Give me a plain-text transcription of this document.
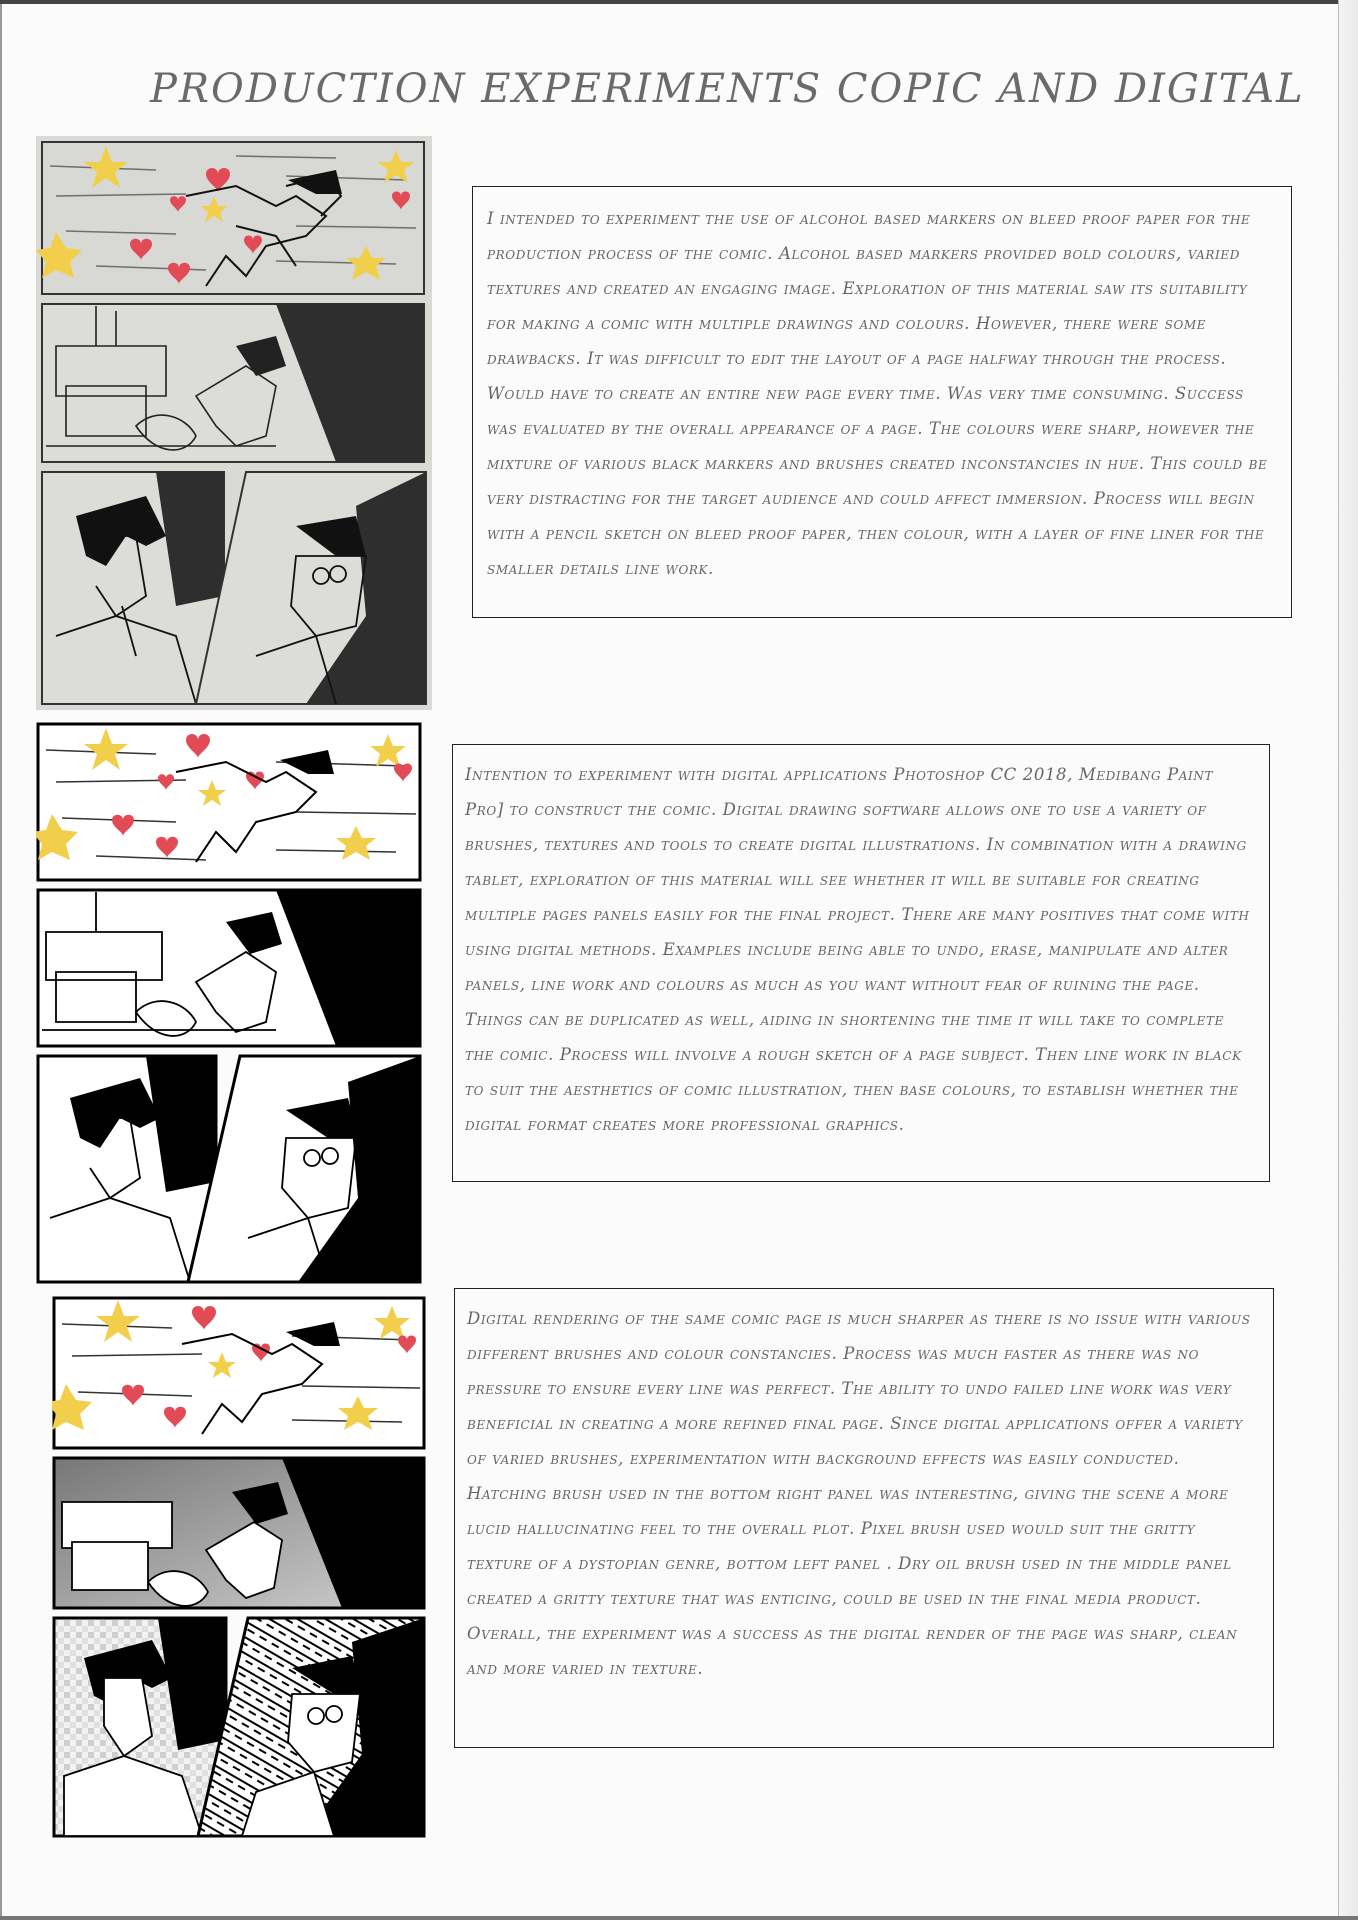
PRODUCTION EXPERIMENTS COPIC AND DIGITAL

I intended to experiment the use of alcohol based markers on bleed proof paper for the production process of the comic. Alcohol based markers provided bold colours, varied textures and created an engaging image. Exploration of this material saw its suitability for making a comic with multiple drawings and colours. However, there were some drawbacks. It was difficult to edit the layout of a page halfway through the process. Would have to create an entire new page every time. Was very time consuming. Success was evaluated by the overall appearance of a page. The colours were sharp, however the mixture of various black markers and brushes created inconstancies in hue. This could be very distracting for the target audience and could affect immersion. Process will begin with a pencil sketch on bleed proof paper, then colour, with a layer of fine liner for the smaller details line work.

Intention to experiment with digital applications Photoshop CC 2018, Medibang Paint Pro] to construct the comic. Digital drawing software allows one to use a variety of brushes, textures and tools to create digital illustrations. In combination with a drawing tablet, exploration of this material will see whether it will be suitable for creating multiple pages panels easily for the final project. There are many positives that come with using digital methods. Examples include being able to undo, erase, manipulate and alter panels, line work and colours as much as you want without fear of ruining the page. Things can be duplicated as well, aiding in shortening the time it will take to complete the comic. Process will involve a rough sketch of a page subject. Then line work in black to suit the aesthetics of comic illustration, then base colours, to establish whether the digital format creates more professional graphics.

Digital rendering of the same comic page is much sharper as there is no issue with various different brushes and colour constancies. Process was much faster as there was no pressure to ensure every line was perfect. The ability to undo failed line work was very beneficial in creating a more refined final page. Since digital applications offer a variety of varied brushes, experimentation with background effects was easily conducted. Hatching brush used in the bottom right panel was interesting, giving the scene a more lucid hallucinating feel to the overall plot. Pixel brush used would suit the gritty texture of a dystopian genre, bottom left panel . Dry oil brush used in the middle panel created a gritty texture that was enticing, could be used in the final media product. Overall, the experiment was a success as the digital render of the page was sharp, clean and more varied in texture.
